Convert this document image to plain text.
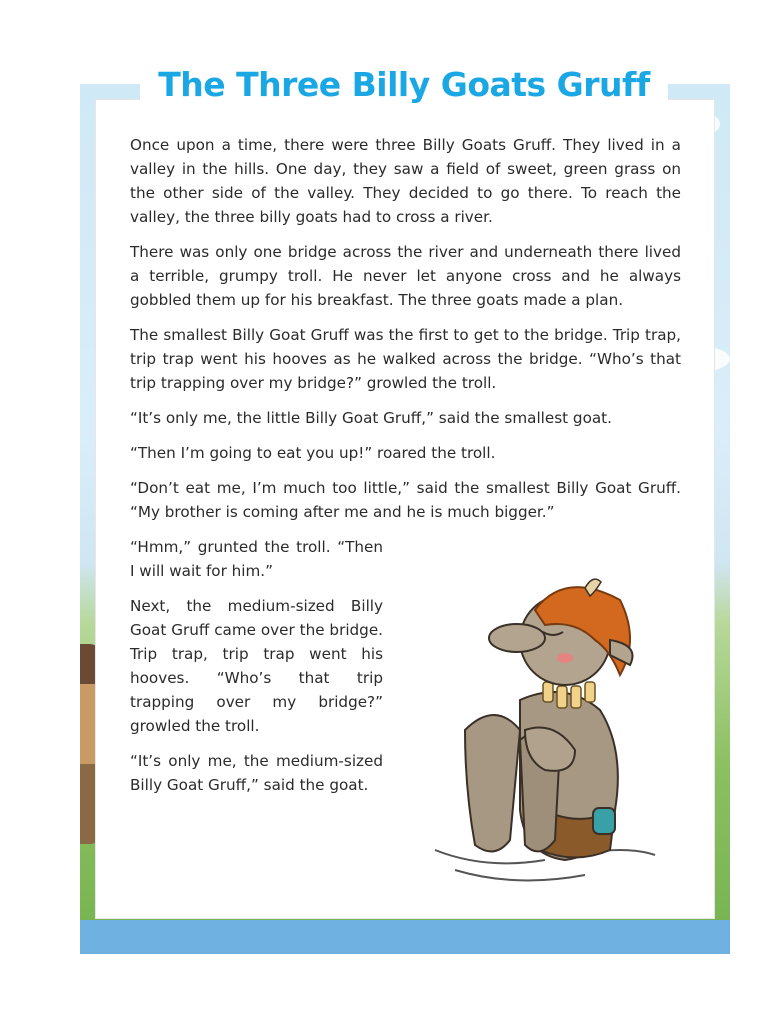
The Three Billy Goats Gruff

Once upon a time, there were three Billy Goats Gruff. They lived in a valley in the hills. One day, they saw a field of sweet, green grass on the other side of the valley. They decided to go there. To reach the valley, the three billy goats had to cross a river.

There was only one bridge across the river and underneath there lived a terrible, grumpy troll. He never let anyone cross and he always gobbled them up for his breakfast. The three goats made a plan.

The smallest Billy Goat Gruff was the first to get to the bridge. Trip trap, trip trap went his hooves as he walked across the bridge. “Who’s that trip trapping over my bridge?” growled the troll.

“It’s only me, the little Billy Goat Gruff,” said the smallest goat.

“Then I’m going to eat you up!” roared the troll.

“Don’t eat me, I’m much too little,” said the smallest Billy Goat Gruff. “My brother is coming after me and he is much bigger.”

“Hmm,” grunted the troll. “Then I will wait for him.”

Next, the medium-sized Billy Goat Gruff came over the bridge. Trip trap, trip trap went his hooves. “Who’s that trip trapping over my bridge?” growled the troll.

“It’s only me, the medium-sized Billy Goat Gruff,” said the goat.
